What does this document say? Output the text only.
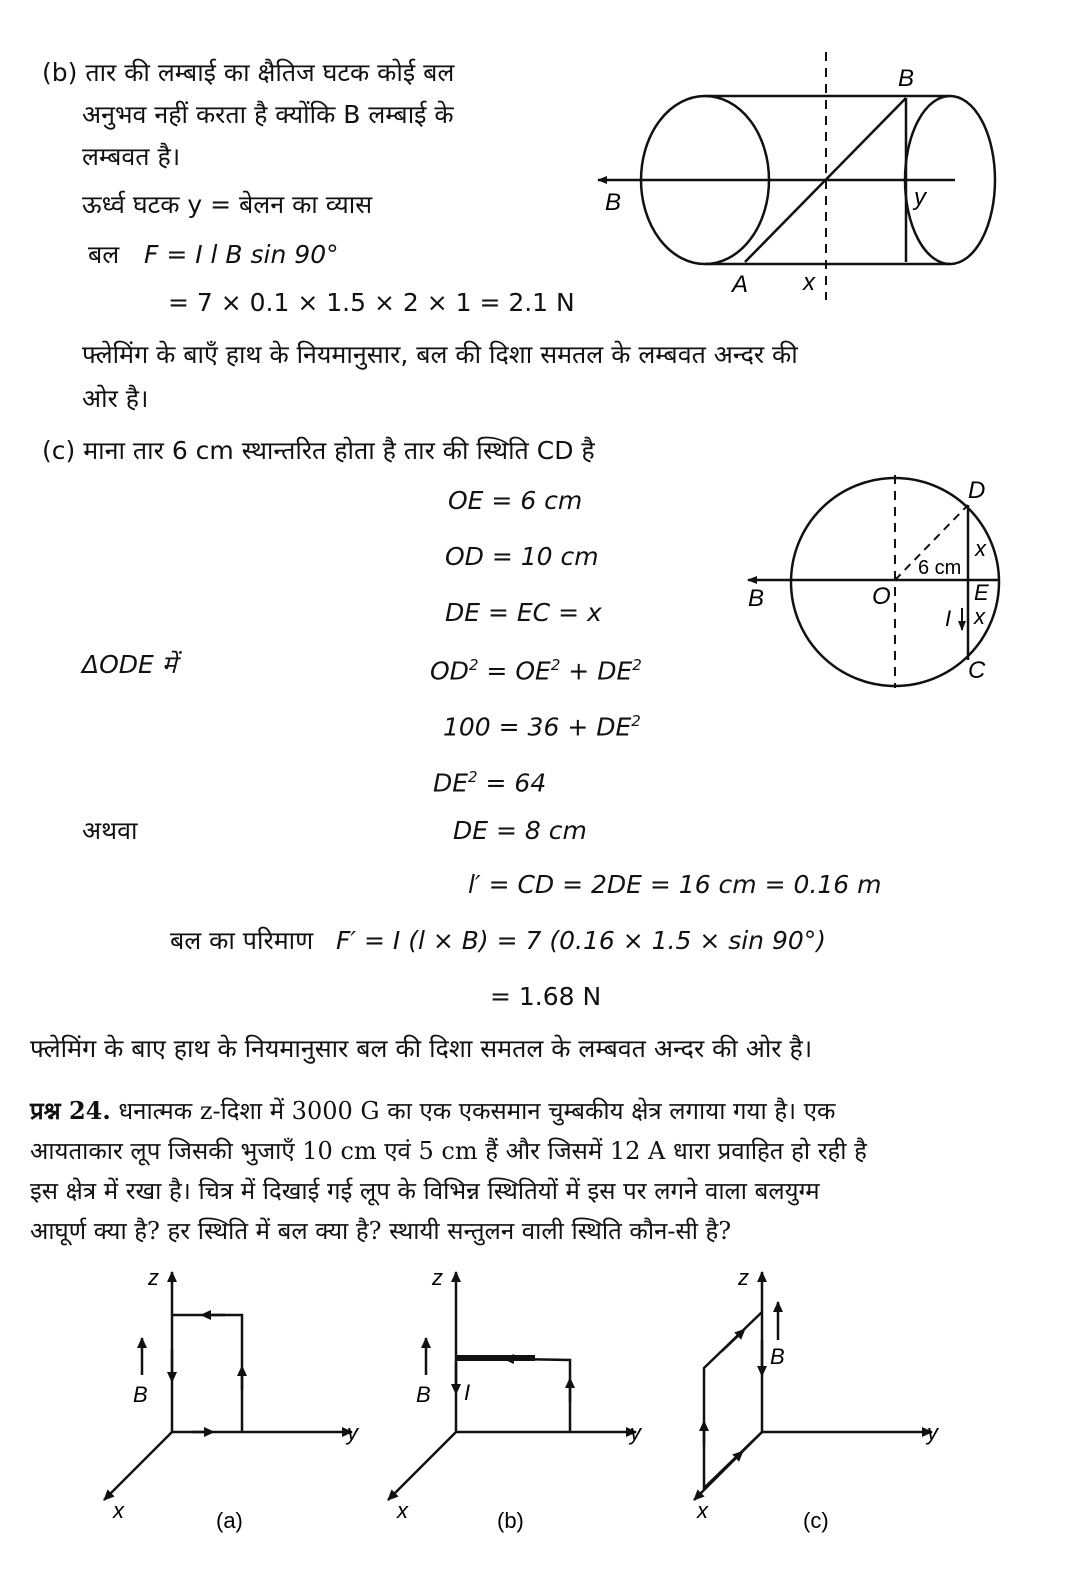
(b) तार की लम्बाई का क्षैतिज घटक कोई बल
अनुभव नहीं करता है क्योंकि B लम्बाई के
लम्बवत है।
ऊर्ध्व घटक y = बेलन का व्यास
बल F = I l B sin 90°
= 7 × 0.1 × 1.5 × 2 × 1 = 2.1 N
फ्लेमिंग के बाएँ हाथ के नियमानुसार, बल की दिशा समतल के लम्बवत अन्दर की
ओर है।
B
B	y
A x
(c) माना तार 6 cm स्थान्तरित होता है तार की स्थिति CD है
OE = 6 cm
OD = 10 cm
DE = EC = x
ΔODE में	$OD^2 = OE^2 + DE^2$
$100 = 36 + DE^2$
$DE^2 = 64$
अथवा	DE = 8 cm
l′ = CD = 2DE = 16 cm = 0.16 m
बल का परिमाण F′ = I (l × B) = 7 (0.16 × 1.5 × sin 90°)
= 1.68 N
फ्लेमिंग के बाए हाथ के नियमानुसार बल की दिशा समतल के लम्बवत अन्दर की ओर है।
D
6 cm
x
O	E
I x
B
C
प्रश्न 24. धनात्मक z-दिशा में 3000 G का एक एकसमान चुम्बकीय क्षेत्र लगाया गया है। एक
आयताकार लूप जिसकी भुजाएँ 10 cm एवं 5 cm हैं और जिसमें 12 A धारा प्रवाहित हो रही है
इस क्षेत्र में रखा है। चित्र में दिखाई गई लूप के विभिन्न स्थितियों में इस पर लगने वाला बलयुग्म
आघूर्ण क्या है? हर स्थिति में बल क्या है? स्थायी सन्तुलन वाली स्थिति कौन-सी है?
z
y
x
B
(a)
z
y
x
B I
(b)
z
y
x
B
(c)
